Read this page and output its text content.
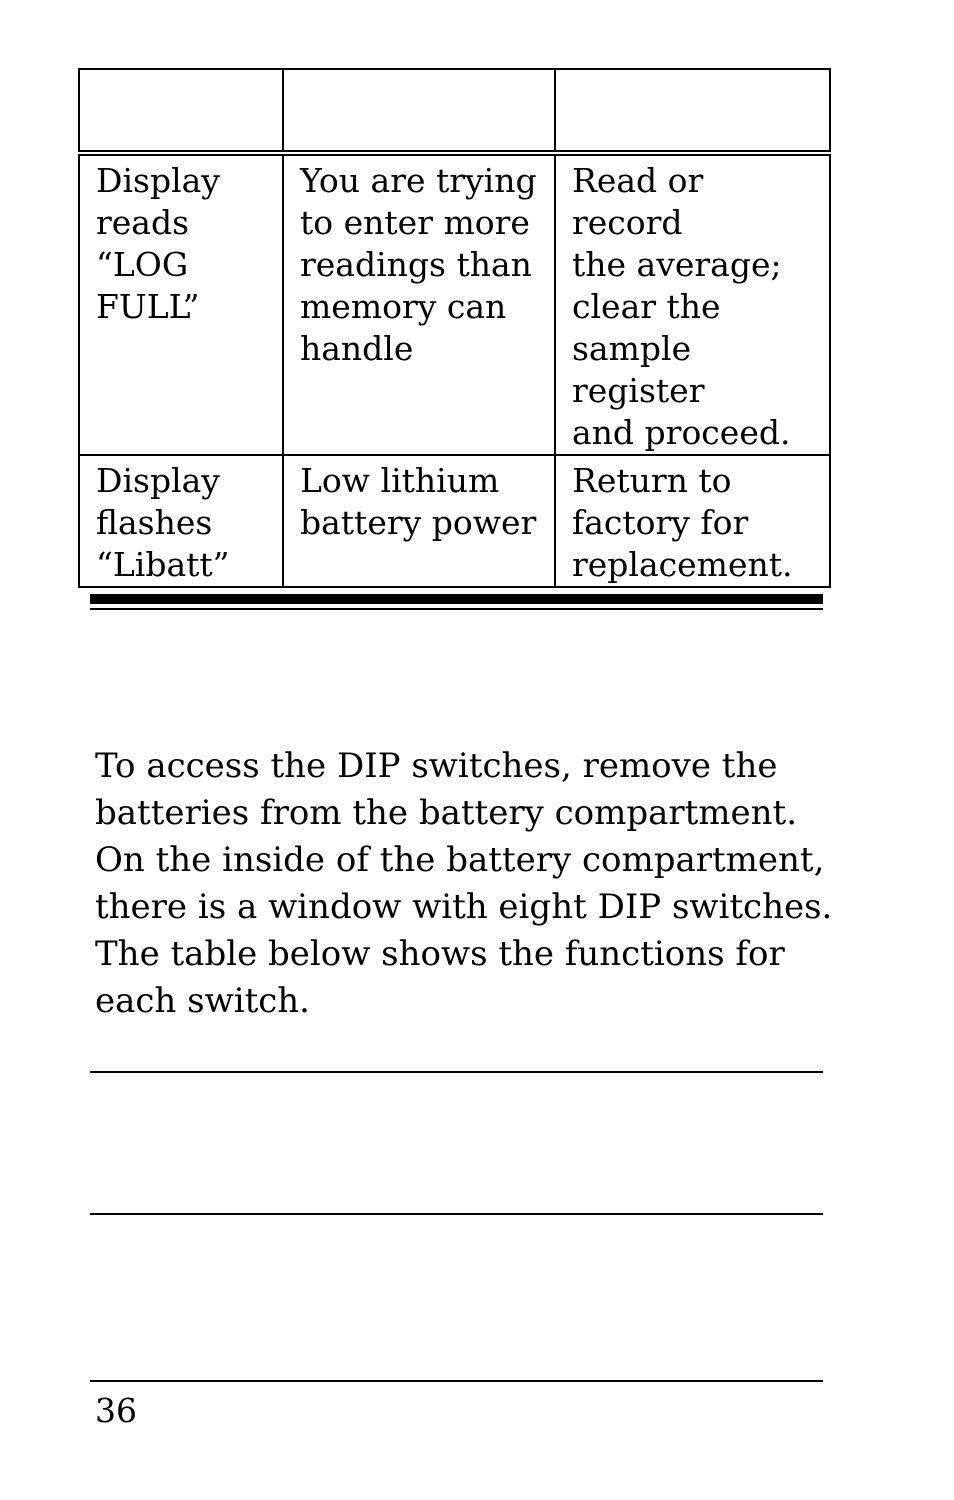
Display
reads
“LOG
FULL”	You are trying
to enter more
readings than
memory can
handle	Read or record
the average;
clear the
sample register
and proceed.

Display
flashes
“Libatt”	Low lithium
battery power	Return to
factory for
replacement.

To access the DIP switches, remove the
batteries from the battery compartment.
On the inside of the battery compartment,
there is a window with eight DIP switches.
The table below shows the functions for
each switch.

36
